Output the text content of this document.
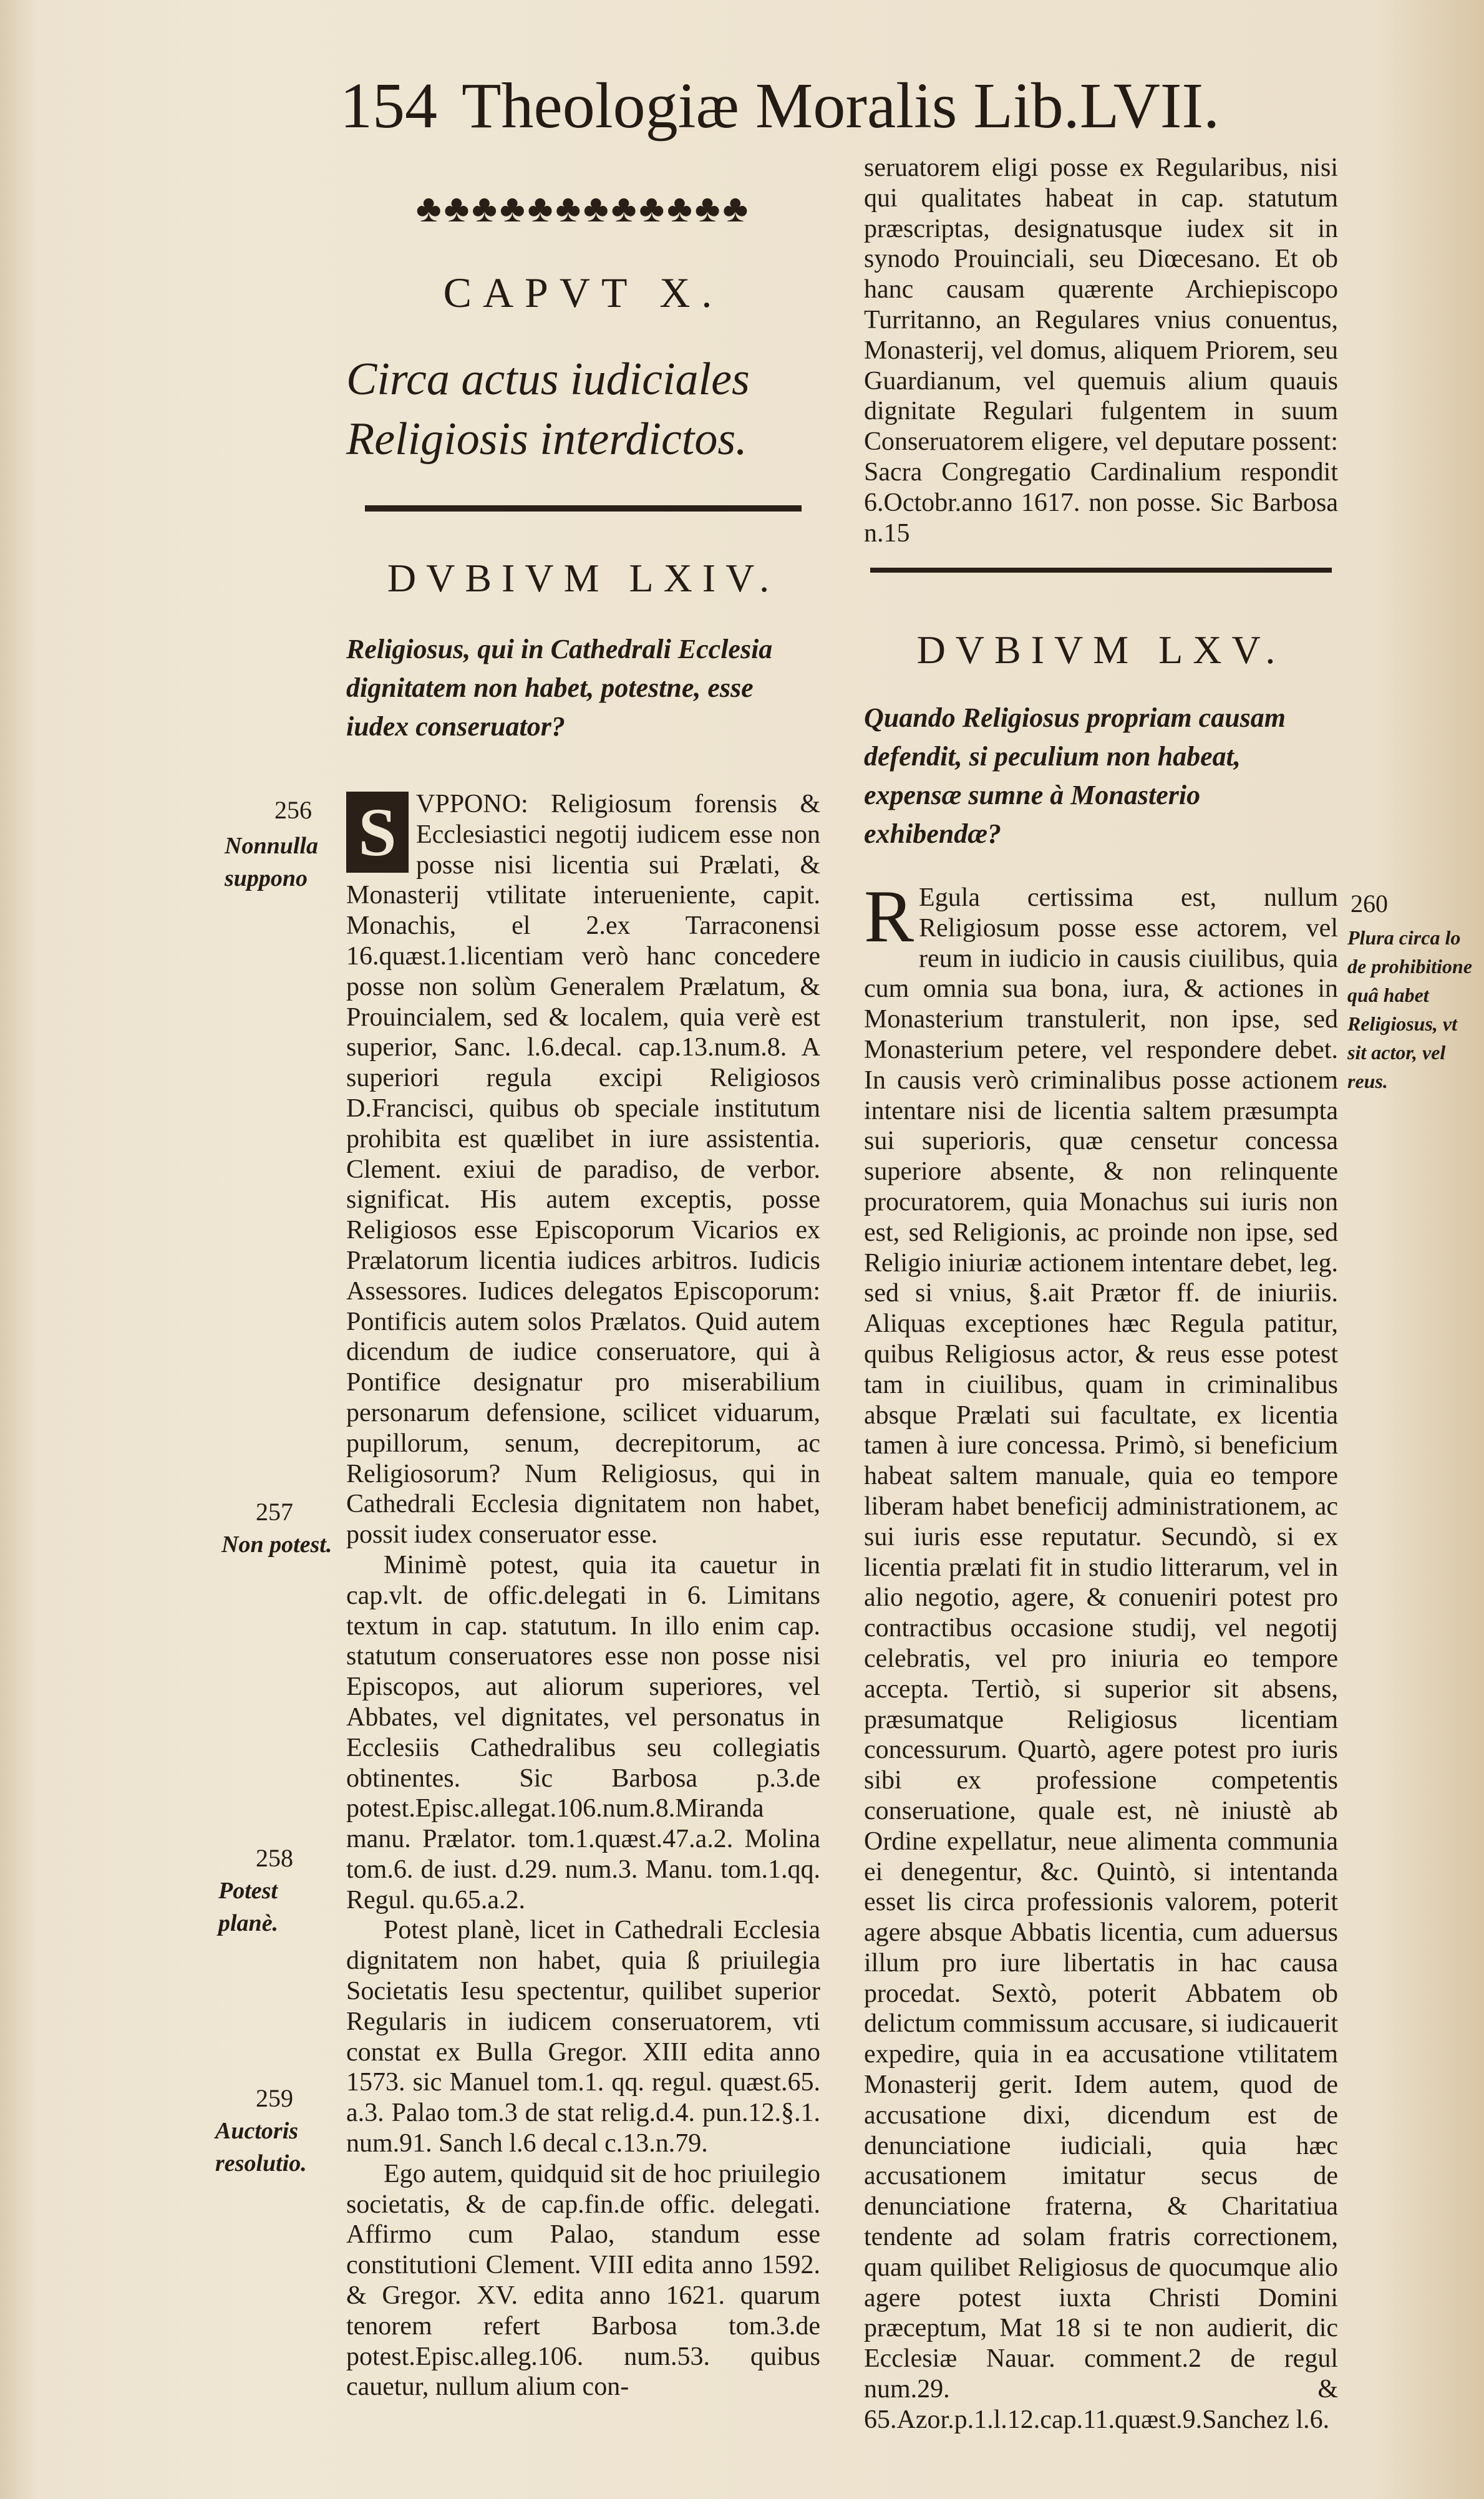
154 Theologiæ Moralis Lib.LVII.
♣♣♣♣♣♣♣♣♣♣♣♣
CAPVT X.
Circa actus iudiciales Religiosis interdictos.
DVBIVM LXIV.
Religiosus, qui in Cathedrali Ecclesia dignitatem non habet, potestne, esse iudex conseruator?
S VPPONO: Religiosum forensis & Ecclesiastici negotij iudicem esse non posse nisi licentia sui Prælati, & Monasterij vtilitate interueniente, capit. Monachis, el 2.ex Tarraconensi 16.quæst.1.licentiam verò hanc concedere posse non solùm Generalem Prælatum, & Prouincialem, sed & localem, quia verè est superior, Sanc. l.6.decal. cap.13.num.8. A superiori regula excipi Religiosos D.Francisci, quibus ob speciale institutum prohibita est quælibet in iure assistentia. Clement. exiui de paradiso, de verbor. significat. His autem exceptis, posse Religiosos esse Episcoporum Vicarios ex Prælatorum licentia iudices arbitros. Iudicis Assessores. Iudices delegatos Episcoporum: Pontificis autem solos Prælatos. Quid autem dicendum de iudice conseruatore, qui à Pontifice designatur pro miserabilium personarum defensione, scilicet viduarum, pupillorum, senum, decrepitorum, ac Religiosorum? Num Religiosus, qui in Cathedrali Ecclesia dignitatem non habet, possit iudex conseruator esse.

Minimè potest, quia ita cauetur in cap.vlt. de offic.delegati in 6. Limitans textum in cap. statutum. In illo enim cap. statutum conseruatores esse non posse nisi Episcopos, aut aliorum superiores, vel Abbates, vel dignitates, vel personatus in Ecclesiis Cathedralibus seu collegiatis obtinentes. Sic Barbosa p.3.de potest.Episc.allegat.106.num.8.Miranda manu. Prælator. tom.1.quæst.47.a.2. Molina tom.6. de iust. d.29. num.3. Manu. tom.1.qq. Regul. qu.65.a.2.

Potest planè, licet in Cathedrali Ecclesia dignitatem non habet, quia ß priuilegia Societatis Iesu spectentur, quilibet superior Regularis in iudicem conseruatorem, vti constat ex Bulla Gregor. XIII edita anno 1573. sic Manuel tom.1. qq. regul. quæst.65. a.3. Palao tom.3 de stat relig.d.4. pun.12.§.1. num.91. Sanch l.6 decal c.13.n.79.

Ego autem, quidquid sit de hoc priuilegio societatis, & de cap.fin.de offic. delegati. Affirmo cum Palao, standum esse constitutioni Clement. VIII edita anno 1592. & Gregor. XV. edita anno 1621. quarum tenorem refert Barbosa tom.3.de potest.Episc.alleg.106. num.53. quibus cauetur, nullum alium con-

256
Nonnulla suppono
257
Non potest.
258
Potest planè.
259
Auctoris resolutio.

seruatorem eligi posse ex Regularibus, nisi qui qualitates habeat in cap. statutum præscriptas, designatusque iudex sit in synodo Prouinciali, seu Diœcesano. Et ob hanc causam quærente Archiepiscopo Turritanno, an Regulares vnius conuentus, Monasterij, vel domus, aliquem Priorem, seu Guardianum, vel quemuis alium quauis dignitate Regulari fulgentem in suum Conseruatorem eligere, vel deputare possent: Sacra Congregatio Cardinalium respondit 6.Octobr.anno 1617. non posse. Sic Barbosa n.15

DVBIVM LXV.
Quando Religiosus propriam causam defendit, si peculium non habeat, expensæ sumne à Monasterio exhibendæ?
R Egula certissima est, nullum Religiosum posse esse actorem, vel reum in iudicio in causis ciuilibus, quia cum omnia sua bona, iura, & actiones in Monasterium transtulerit, non ipse, sed Monasterium petere, vel respondere debet. In causis verò criminalibus posse actionem intentare nisi de licentia saltem præsumpta sui superioris, quæ censetur concessa superiore absente, & non relinquente procuratorem, quia Monachus sui iuris non est, sed Religionis, ac proinde non ipse, sed Religio iniuriæ actionem intentare debet, leg. sed si vnius, §.ait Prætor ff. de iniuriis. Aliquas exceptiones hæc Regula patitur, quibus Religiosus actor, & reus esse potest tam in ciuilibus, quam in criminalibus absque Prælati sui facultate, ex licentia tamen à iure concessa. Primò, si beneficium habeat saltem manuale, quia eo tempore liberam habet beneficij administrationem, ac sui iuris esse reputatur. Secundò, si ex licentia prælati fit in studio litterarum, vel in alio negotio, agere, & conueniri potest pro contractibus occasione studij, vel negotij celebratis, vel pro iniuria eo tempore accepta. Tertiò, si superior sit absens, præsumatque Religiosus licentiam concessurum. Quartò, agere potest pro iuris sibi ex professione competentis conseruatione, quale est, nè iniustè ab Ordine expellatur, neue alimenta communia ei denegentur, &c. Quintò, si intentanda esset lis circa professionis valorem, poterit agere absque Abbatis licentia, cum aduersus illum pro iure libertatis in hac causa procedat. Sextò, poterit Abbatem ob delictum commissum accusare, si iudicauerit expedire, quia in ea accusatione vtilitatem Monasterij gerit. Idem autem, quod de accusatione dixi, dicendum est de denunciatione iudiciali, quia hæc accusationem imitatur secus de denunciatione fraterna, & Charitatiua tendente ad solam fratris correctionem, quam quilibet Religiosus de quocumque alio agere potest iuxta Christi Domini præceptum, Mat 18 si te non audierit, dic Ecclesiæ Nauar. comment.2 de regul num.29. & 65.Azor.p.1.l.12.cap.11.quæst.9.Sanchez l.6.

260
Plura circa lo de prohibitione quâ habet Religiosus, vt sit actor, vel reus.
